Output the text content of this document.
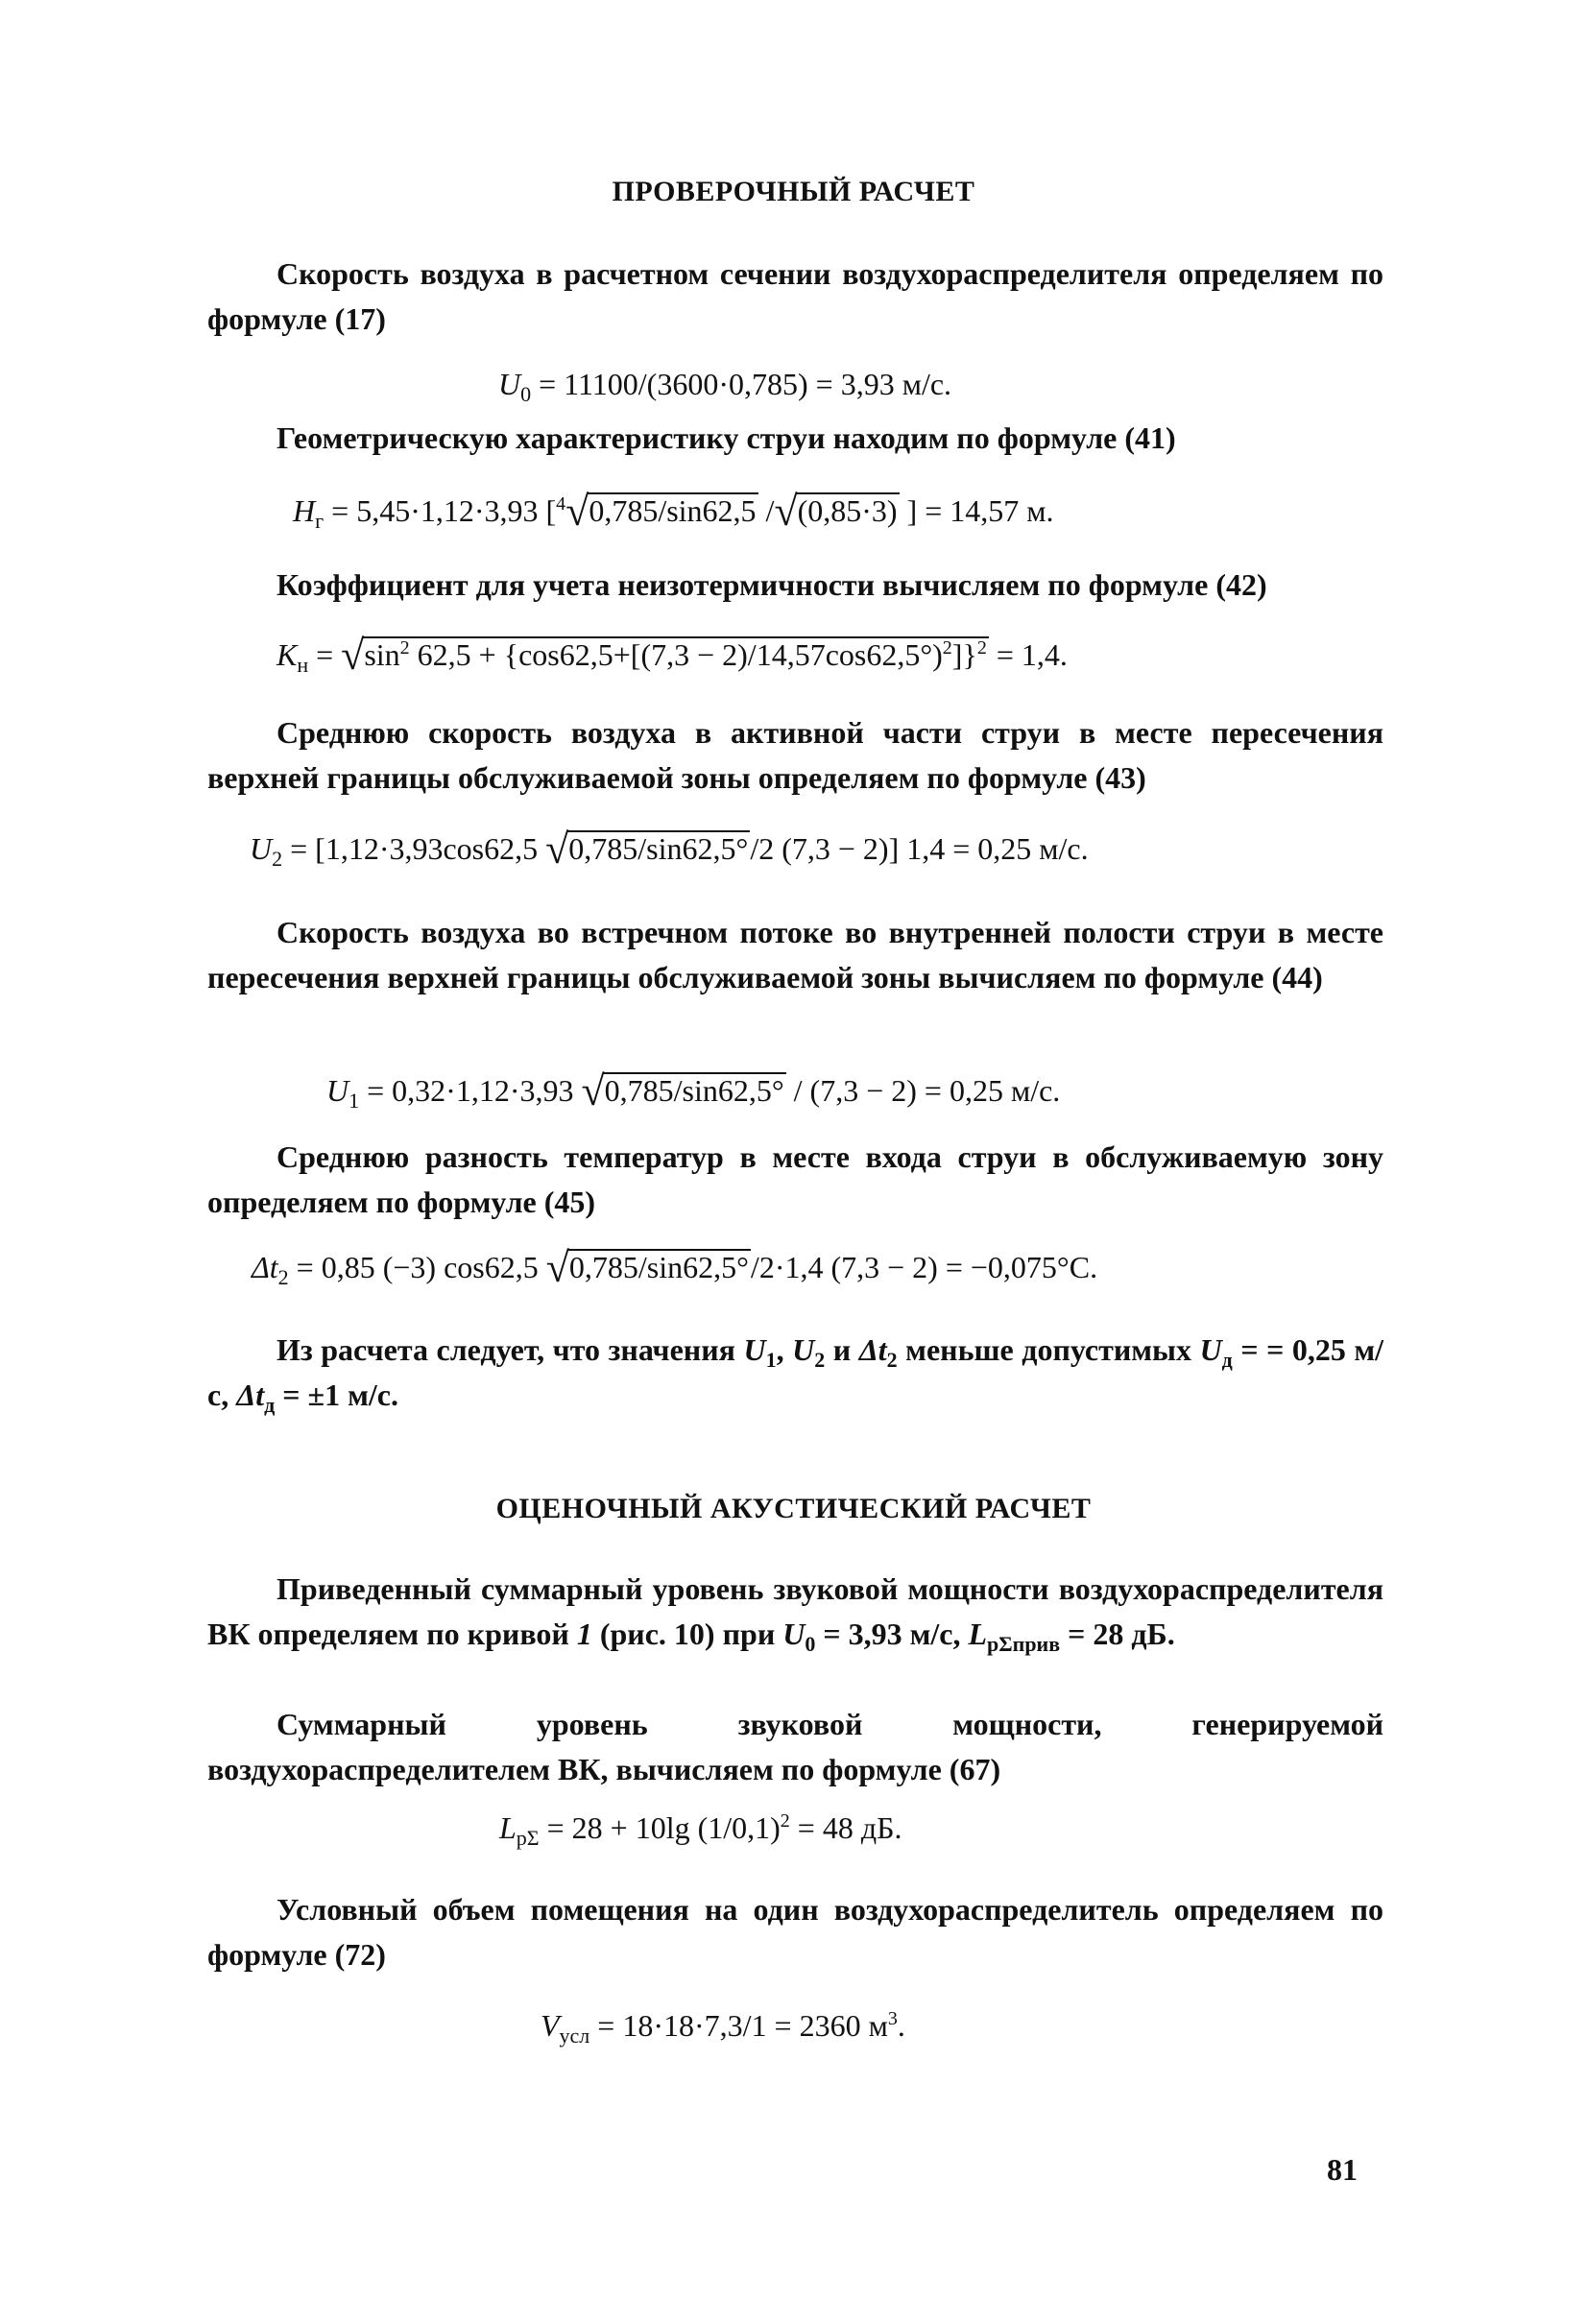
ПРОВЕРОЧНЫЙ РАСЧЕТ
Скорость воздуха в расчетном сечении воздухораспределителя определяем по формуле (17)
$U_0 = 11100/(3600\cdot 0,785) = 3,93$ м/с.
Геометрическую характеристику струи находим по формуле (41)
$H_г = 5,45\cdot 1,12\cdot 3,93$ [$^4$√0,785/sin62,5 /√(0,85·3) ] = 14,57 м.
Коэффициент для учета неизотермичности вычисляем по формуле (42)
$K_н = √\sin^2$ $62,5 + \{\cos 62,5+[(7,3 - 2)/14,57\cos 62,5^\circ)^2]\}^2 = 1,4$.
Среднюю скорость воздуха в активной части струи в месте пересечения верхней границы обслуживаемой зоны определяем по формуле (43)
$U_2 = [1,12\cdot 3,93\cos 62,5$ √0,785/sin62,5°/2 (7,3 − 2)] 1,4 = 0,25 м/с.
Скорость воздуха во встречном потоке во внутренней полости струи в месте пересечения верхней границы обслуживаемой зоны вычисляем по формуле (44)
$U_1 = 0,32\cdot 1,12\cdot 3,93$ √0,785/sin62,5° / (7,3 − 2) = 0,25 м/с.
Среднюю разность температур в месте входа струи в обслуживаемую зону определяем по формуле (45)
$\Delta t_2 = 0,85$ (−3) cos62,5 √0,785/sin62,5°/2·1,4 (7,3 − 2) = −0,075°С.
Из расчета следует, что значения $U_1$, $U_2$ и $\Delta t_2$ меньше допустимых $U_д$ = = 0,25 м/с, $\Delta t_д = \pm 1$ м/с.
ОЦЕНОЧНЫЙ АКУСТИЧЕСКИЙ РАСЧЕТ
Приведенный суммарный уровень звуковой мощности воздухораспределителя ВК определяем по кривой 1 (рис. 10) при $U_0 = 3,93$ м/с, $L_{p\Sigma прив} = 28$ дБ.
Суммарный уровень звуковой мощности, генерируемой воздухораспределителем ВК, вычисляем по формуле (67)
$L_{p\Sigma} = 28 + 10\lg$ $(1/0,1)^2 = 48$ дБ.
Условный объем помещения на один воздухораспределитель определяем по формуле (72)
$V_{усл} = 18\cdot 18\cdot 7,3/1 = 2360$ $м^3$.
81
